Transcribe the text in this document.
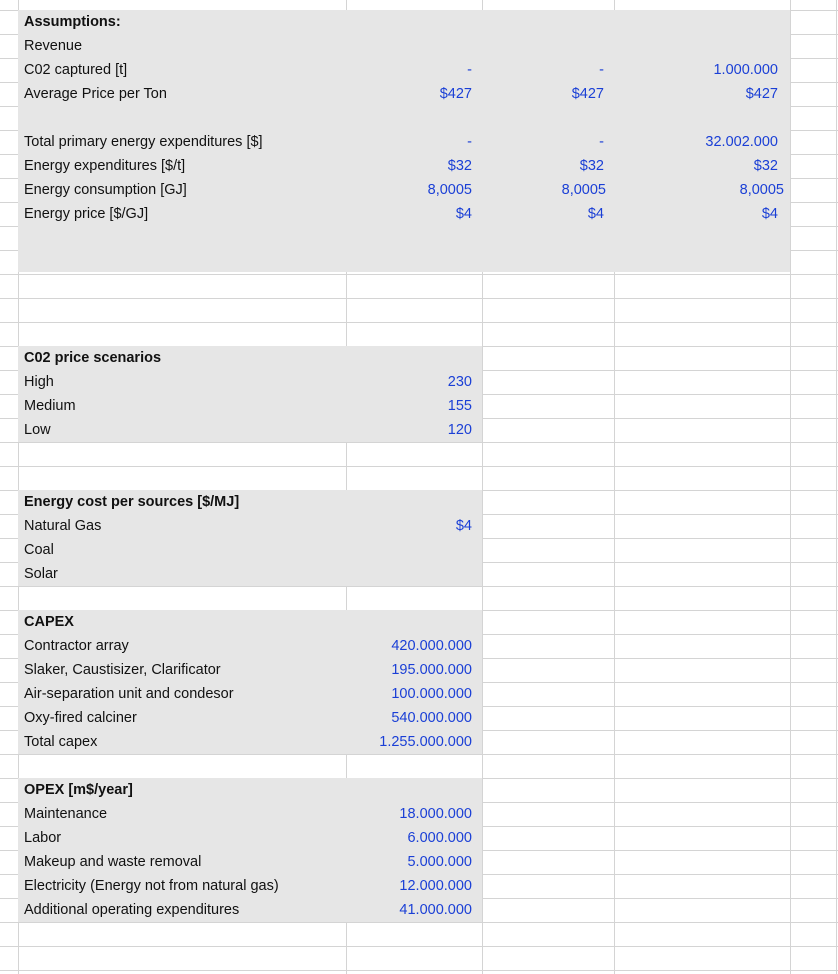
Assumptions:
Revenue
C02 captured [t]	-	-	1.000.000
Average Price per Ton	$427	$427	$427
Total primary energy expenditures [$]	-	-	32.002.000
Energy expenditures [$/t]	$32	$32	$32
Energy consumption [GJ]	8,0005	8,0005	8,0005
Energy price [$/GJ]	$4	$4	$4
C02 price scenarios
High	230
Medium	155
Low	120
Energy cost per sources [$/MJ]
Natural Gas	$4
Coal
Solar
CAPEX
Contractor array	420.000.000
Slaker, Caustisizer, Clarificator	195.000.000
Air-separation unit and condesor	100.000.000
Oxy-fired calciner	540.000.000
Total capex	1.255.000.000
OPEX [m$/year]
Maintenance	18.000.000
Labor	6.000.000
Makeup and waste removal	5.000.000
Electricity (Energy not from natural gas)	12.000.000
Additional operating expenditures	41.000.000
